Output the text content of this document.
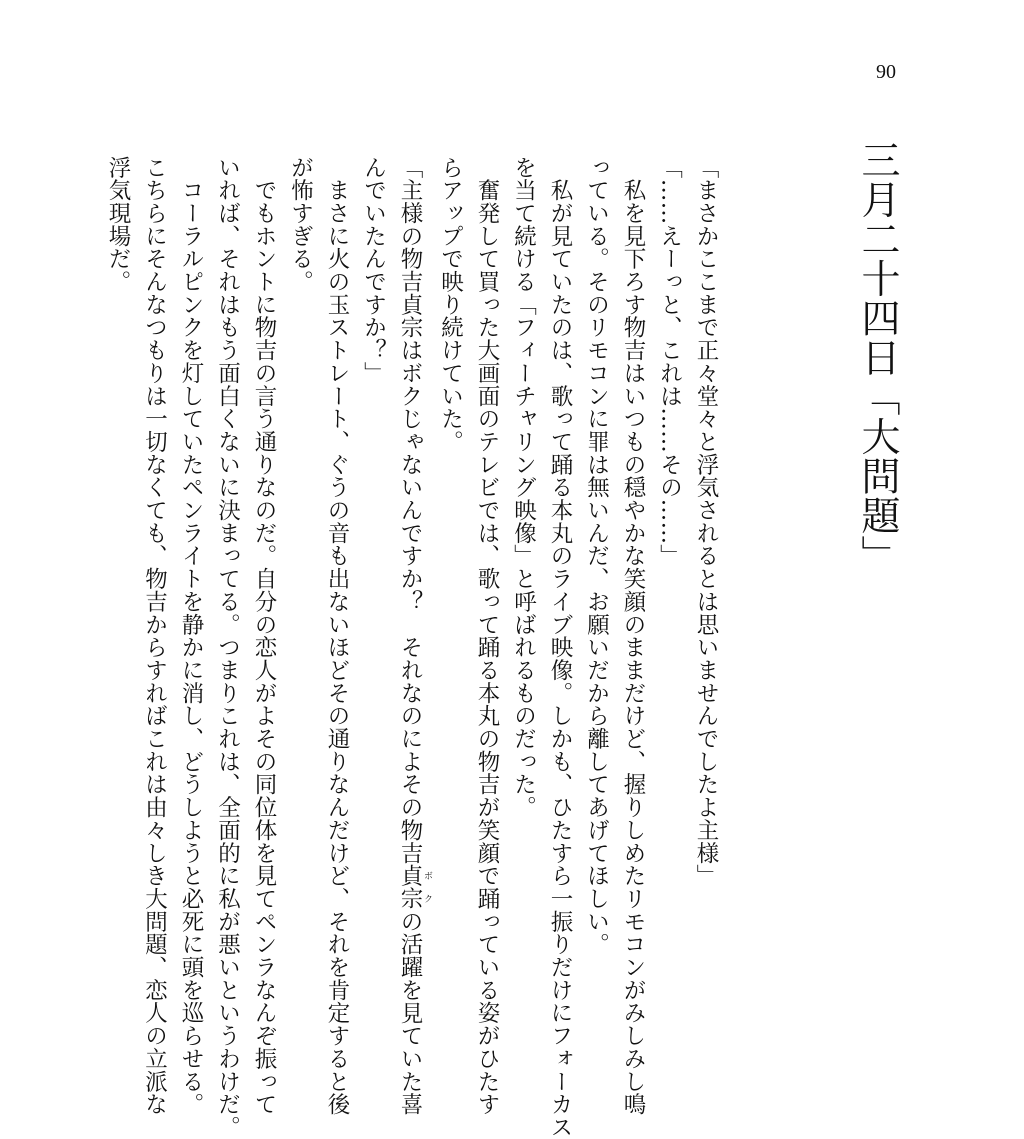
90
三月二十四日「大問題」
「まさかここまで正々堂々と浮気されるとは思いませんでしたよ主様」
「……えーっと、これは……その……」
　私を見下ろす物吉はいつもの穏やかな笑顔のままだけど、握りしめたリモコンがみしみし鳴
っている。そのリモコンに罪は無いんだ、お願いだから離してあげてほしい。
　私が見ていたのは、歌って踊る本丸のライブ映像。しかも、ひたすら一振りだけにフォーカス
を当て続ける「フィーチャリング映像」と呼ばれるものだった。
　奮発して買った大画面のテレビでは、歌って踊る本丸の物吉が笑顔で踊っている姿がひたす
らアップで映り続けていた。
「主様の物吉貞宗はボクじゃないんですか？　それなのによその物吉貞宗 ボクの活躍を見ていた喜
んでいたんですか？」
　まさに火の玉ストレート、ぐうの音も出ないほどその通りなんだけど、それを肯定すると後
が怖すぎる。
　でもホントに物吉の言う通りなのだ。自分の恋人がよその同位体を見てペンラなんぞ振って
いれば、それはもう面白くないに決まってる。つまりこれは、全面的に私が悪いというわけだ。
　コーラルピンクを灯していたペンライトを静かに消し、どうしようと必死に頭を巡らせる。
こちらにそんなつもりは一切なくても、物吉からすればこれは由々しき大問題、恋人の立派な
浮気現場だ。
